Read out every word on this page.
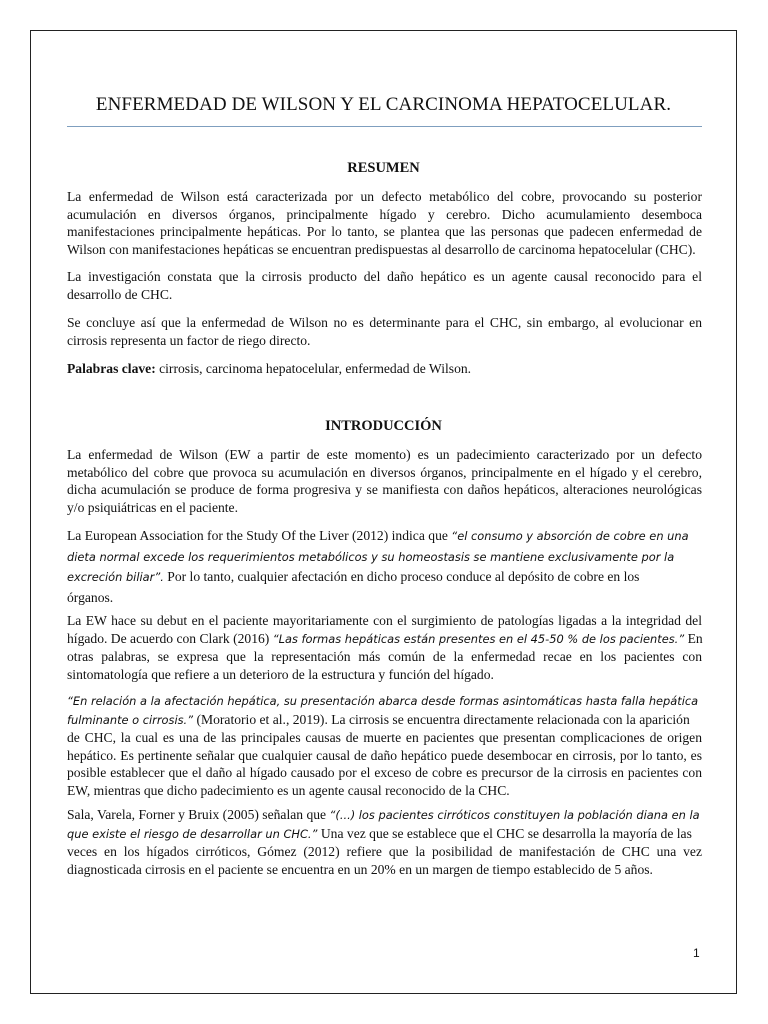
ENFERMEDAD DE WILSON Y EL CARCINOMA HEPATOCELULAR.
RESUMEN
La enfermedad de Wilson está caracterizada por un defecto metabólico del cobre, provocando su posterior
acumulación en diversos órganos, principalmente hígado y cerebro. Dicho acumulamiento desemboca
manifestaciones principalmente hepáticas. Por lo tanto, se plantea que las personas que padecen enfermedad de
Wilson con manifestaciones hepáticas se encuentran predispuestas al desarrollo de carcinoma hepatocelular (CHC).
La investigación constata que la cirrosis producto del daño hepático es un agente causal reconocido para el
desarrollo de CHC.
Se concluye así que la enfermedad de Wilson no es determinante para el CHC, sin embargo, al evolucionar en
cirrosis representa un factor de riego directo.
Palabras clave: cirrosis, carcinoma hepatocelular, enfermedad de Wilson.
INTRODUCCIÓN
La enfermedad de Wilson (EW a partir de este momento) es un padecimiento caracterizado por un defecto
metabólico del cobre que provoca su acumulación en diversos órganos, principalmente en el hígado y el cerebro,
dicha acumulación se produce de forma progresiva y se manifiesta con daños hepáticos, alteraciones neurológicas
y/o psiquiátricas en el paciente.
La European Association for the Study Of the Liver (2012) indica que “el consumo y absorción de cobre en una
dieta normal excede los requerimientos metabólicos y su homeostasis se mantiene exclusivamente por la
excreción biliar”. Por lo tanto, cualquier afectación en dicho proceso conduce al depósito de cobre en los
órganos.
La EW hace su debut en el paciente mayoritariamente con el surgimiento de patologías ligadas a la integridad del
hígado. De acuerdo con Clark (2016) “Las formas hepáticas están presentes en el 45-50 % de los pacientes.” En
otras palabras, se expresa que la representación más común de la enfermedad recae en los pacientes con
sintomatología que refiere a un deterioro de la estructura y función del hígado.
“En relación a la afectación hepática, su presentación abarca desde formas asintomáticas hasta falla hepática
fulminante o cirrosis.” (Moratorio et al., 2019). La cirrosis se encuentra directamente relacionada con la aparición
de CHC, la cual es una de las principales causas de muerte en pacientes que presentan complicaciones de origen
hepático. Es pertinente señalar que cualquier causal de daño hepático puede desembocar en cirrosis, por lo tanto, es
posible establecer que el daño al hígado causado por el exceso de cobre es precursor de la cirrosis en pacientes con
EW, mientras que dicho padecimiento es un agente causal reconocido de la CHC.
Sala, Varela, Forner y Bruix (2005) señalan que “(...) los pacientes cirróticos constituyen la población diana en la
que existe el riesgo de desarrollar un CHC.” Una vez que se establece que el CHC se desarrolla la mayoría de las
veces en los hígados cirróticos, Gómez (2012) refiere que la posibilidad de manifestación de CHC una vez
diagnosticada cirrosis en el paciente se encuentra en un 20% en un margen de tiempo establecido de 5 años.
1
